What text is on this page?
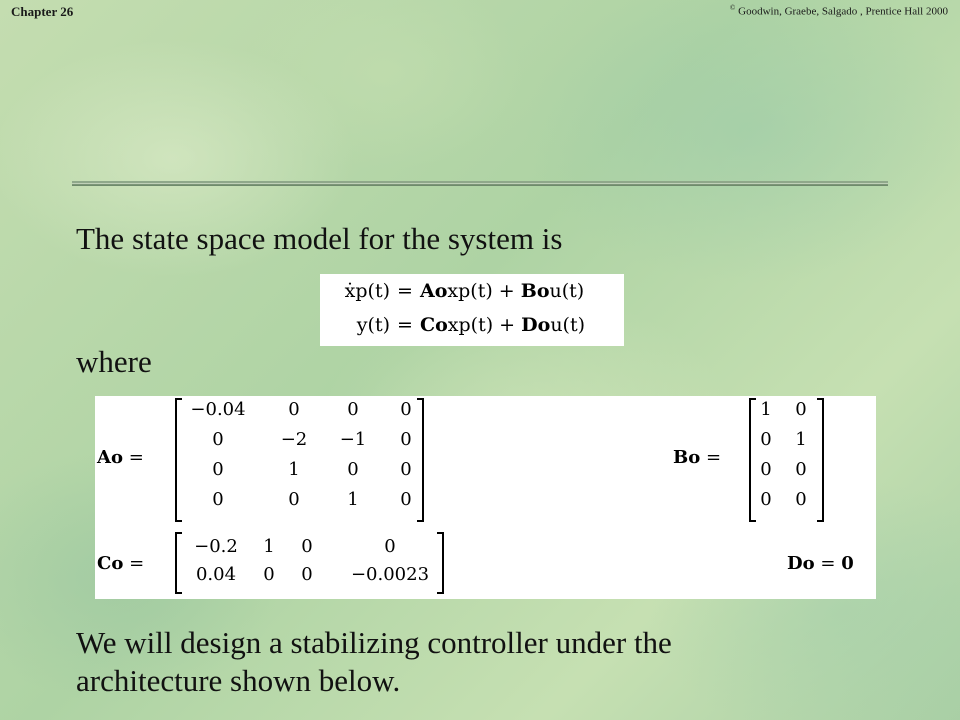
Chapter 26	© Goodwin, Graebe, Salgado , Prentice Hall 2000
The state space model for the system is
ẋp(t) = Aoxp(t) + Bou(t)
y(t) = Coxp(t) + Dou(t)
where
Ao =
−0.04	0	0	0
0	−2	−1	0
0	1	0	0
0	0	1	0
Bo =
1	0
0	1
0	0
0	0
Co =
−0.2	1	0	0
0.04	0	0	−0.0023
Do = 0
We will design a stabilizing controller under the
architecture shown below.
